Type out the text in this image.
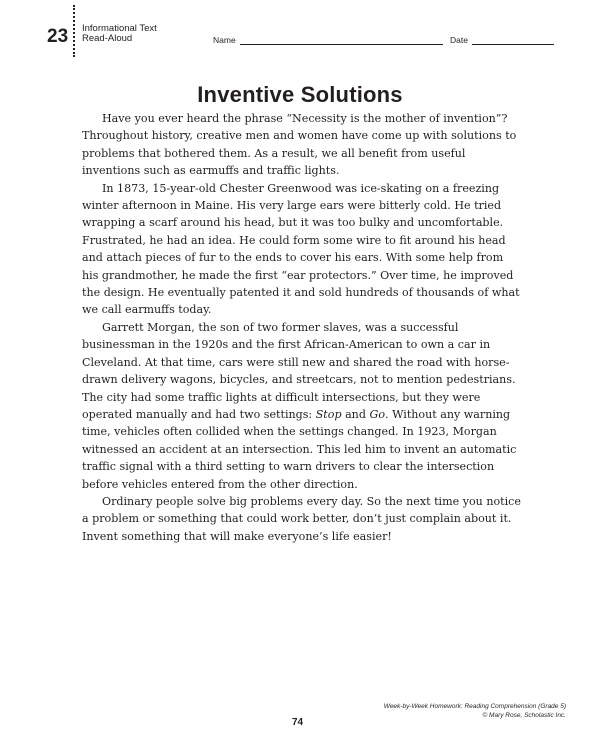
23 Informational Text
Read-Aloud	Name	Date
Inventive Solutions

Have you ever heard the phrase “Necessity is the mother of invention”? Throughout history, creative men and women have come up with solutions to problems that bothered them. As a result, we all benefit from useful inventions such as earmuffs and traffic lights.

In 1873, 15-year-old Chester Greenwood was ice-skating on a freezing winter afternoon in Maine. His very large ears were bitterly cold. He tried wrapping a scarf around his head, but it was too bulky and uncomfortable. Frustrated, he had an idea. He could form some wire to fit around his head and attach pieces of fur to the ends to cover his ears. With some help from his grandmother, he made the first “ear protectors.” Over time, he improved the design. He eventually patented it and sold hundreds of thousands of what we call earmuffs today.

Garrett Morgan, the son of two former slaves, was a successful businessman in the 1920s and the first African-American to own a car in Cleveland. At that time, cars were still new and shared the road with horse-drawn delivery wagons, bicycles, and streetcars, not to mention pedestrians. The city had some traffic lights at difficult intersections, but they were operated manually and had two settings: Stop and Go. Without any warning time, vehicles often collided when the settings changed. In 1923, Morgan witnessed an accident at an intersection. This led him to invent an automatic traffic signal with a third setting to warn drivers to clear the intersection before vehicles entered from the other direction.

Ordinary people solve big problems every day. So the next time you notice a problem or something that could work better, don’t just complain about it. Invent something that will make everyone’s life easier!

74
Week-by-Week Homework: Reading Comprehension (Grade 5)
© Mary Rose, Scholastic Inc.
